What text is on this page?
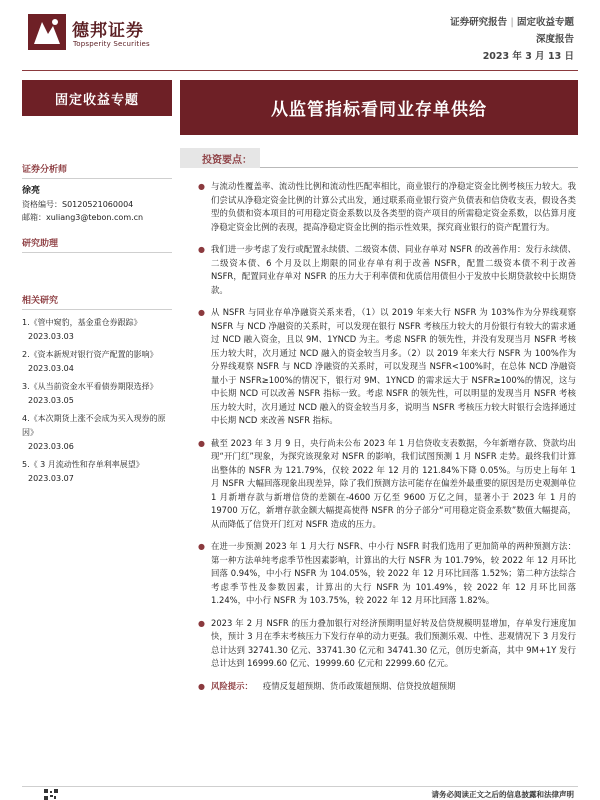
德邦证券
Topsperity Securities
证券研究报告 | 固定收益专题
深度报告
2023 年 3 月 13 日
固定收益专题
证券分析师
徐亮
资格编号：S0120521060004
邮箱：xuliang3@tebon.com.cn
研究助理
相关研究
1.《管中窥豹，基金重仓券跟踪》
2023.03.03
2.《资本新规对银行资产配置的影响》
2023.03.04
3.《从当前资金水平看债券期限选择》
2023.03.05
4.《本次期货上涨不会成为买入现券的原因》
2023.03.06
5.《 3 月流动性和存单利率展望》
2023.03.07
从监管指标看同业存单供给
投资要点：
● 与流动性覆盖率、流动性比例和流动性匹配率相比，商业银行的净稳定资金比例考核压力较大。我们尝试从净稳定资金比例的计算公式出发，通过联系商业银行资产负债表和信贷收支表，假设各类型的负债和资本项目的可用稳定资金系数以及各类型的资产项目的所需稳定资金系数，以估算月度净稳定资金比例的表现，提高净稳定资金比例的指示性效果，探究商业银行的资产配置行为。
● 我们进一步考虑了发行或配置永续债、二级资本债、同业存单对 NSFR 的改善作用：发行永续债、二级资本债、6 个月及以上期限的同业存单有利于改善 NSFR，配置二级资本债不利于改善 NSFR，配置同业存单对 NSFR 的压力大于利率债和优质信用债但小于发放中长期贷款较中长期贷款。
● 从 NSFR 与同业存单净融资关系来看，（1）以 2019 年来大行 NSFR 为 103%作为分界线观察 NSFR 与 NCD 净融资的关系时，可以发现在银行 NSFR 考核压力较大的月份银行有较大的需求通过 NCD 融入资金，且以 9M、1YNCD 为主。考虑 NSFR 的领先性，并没有发现当月 NSFR 考核压力较大时，次月通过 NCD 融入的资金较当月多。（2）以 2019 年来大行 NSFR 为 100%作为分界线观察 NSFR 与 NCD 净融资的关系时，可以发现当 NSFR<100%时，在总体 NCD 净融资量小于 NSFR≥100%的情况下，银行对 9M、1YNCD 的需求远大于 NSFR≥100%的情况，这与中长期 NCD 可以改善 NSFR 指标一致。考虑 NSFR 的领先性，可以明显的发现当月 NSFR 考核压力较大时，次月通过 NCD 融入的资金较当月多，说明当 NSFR 考核压力较大时银行会选择通过中长期 NCD 来改善 NSFR 指标。
● 截至 2023 年 3 月 9 日，央行尚未公布 2023 年 1 月信贷收支表数据，今年新增存款、贷款均出现“开门红”现象，为探究该现象对 NSFR 的影响，我们试图预测 1 月 NSFR 走势。最终我们计算出整体的 NSFR 为 121.79%，仅较 2022 年 12 月的 121.84%下降 0.05%。与历史上每年 1 月 NSFR 大幅回落现象出现差异，除了我们预测方法可能存在偏差外最重要的原因是历史观测单位 1 月新增存款与新增信贷的差额在-4600 万亿至 9600 万亿之间，显著小于 2023 年 1 月的 19700 万亿，新增存款金额大幅提高使得 NSFR 的分子部分“可用稳定资金系数”数值大幅提高，从而降低了信贷开门红对 NSFR 造成的压力。
● 在进一步预测 2023 年 1 月大行 NSFR、中小行 NSFR 时我们选用了更加简单的两种预测方法：第一种方法单纯考虑季节性因素影响，计算出的大行 NSFR 为 101.79%，较 2022 年 12 月环比回落 0.94%，中小行 NSFR 为 104.05%，较 2022 年 12 月环比回落 1.52%；第二种方法综合考虑季节性及参数因素，计算出的大行 NSFR 为 101.49%，较 2022 年 12 月环比回落 1.24%，中小行 NSFR 为 103.75%，较 2022 年 12 月环比回落 1.82%。
● 2023 年 2 月 NSFR 的压力叠加银行对经济预期明显好转及信贷规模明显增加，存单发行速度加快，预计 3 月在季末考核压力下发行存单的动力更强。我们预测乐观、中性、悲观情况下 3 月发行总计达到 32741.30 亿元、33741.30 亿元和 34741.30 亿元，创历史新高，其中 9M+1Y 发行总计达到 16999.60 亿元、19999.60 亿元和 22999.60 亿元。
● 风险提示： 疫情反复超预期、货币政策超预期、信贷投放超预期
请务必阅读正文之后的信息披露和法律声明
